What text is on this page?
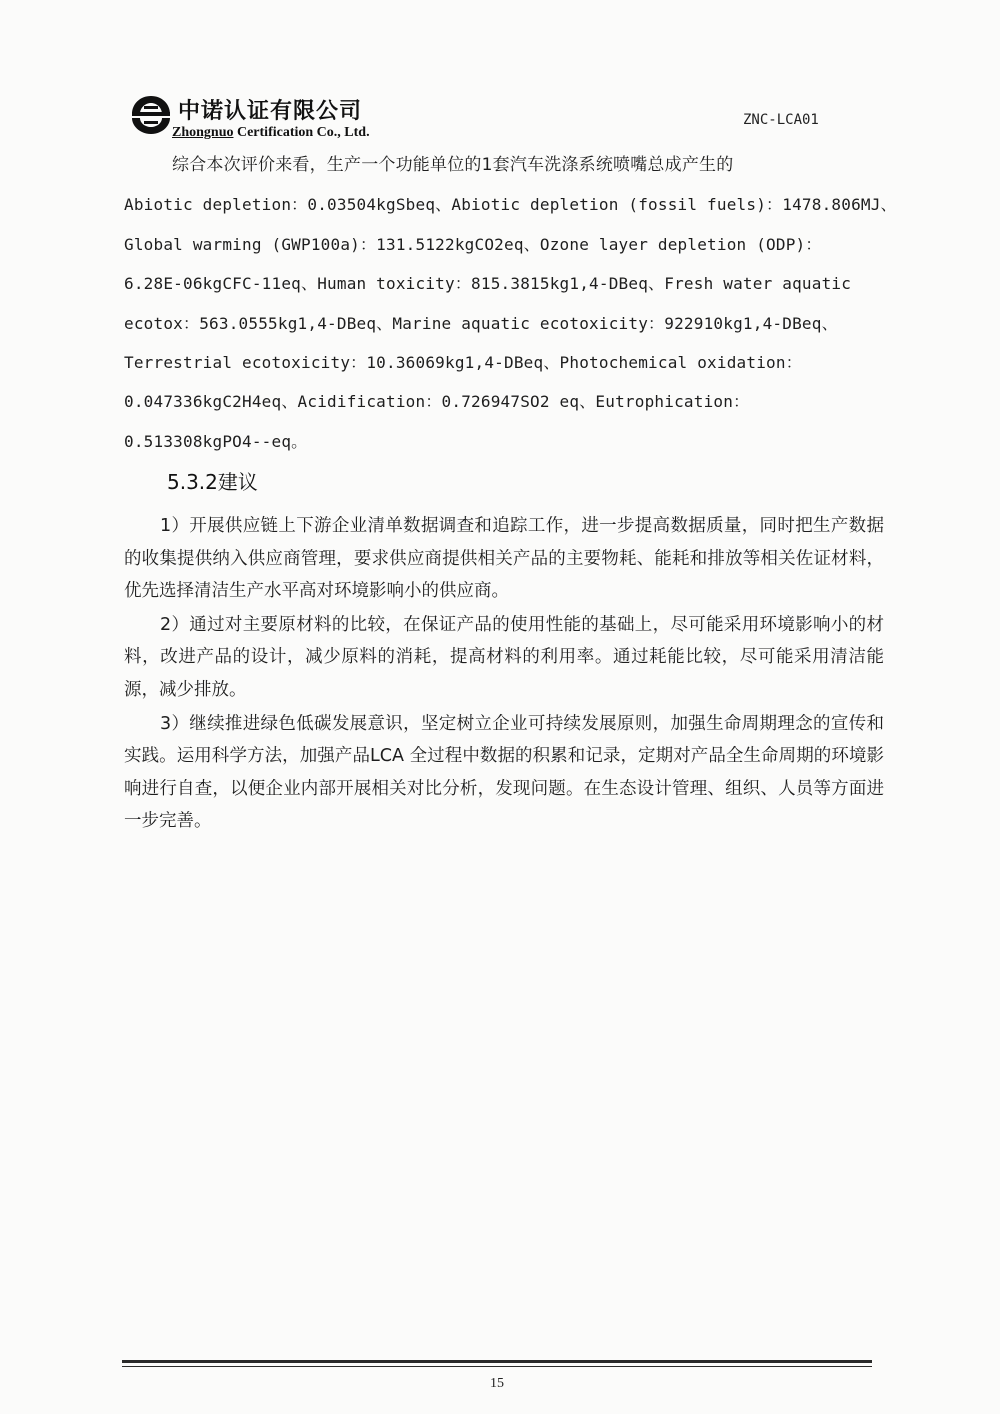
中诺认证有限公司
Zhongnuo Certification Co., Ltd.
ZNC-LCA01
综合本次评价来看，生产一个功能单位的1套汽车洗涤系统喷嘴总成产生的
Abiotic depletion：0.03504kgSbeq、Abiotic depletion (fossil fuels)：1478.806MJ、
Global warming (GWP100a)：131.5122kgCO2eq、Ozone layer depletion (ODP)：
6.28E-06kgCFC-11eq、Human toxicity：815.3815kg1,4-DBeq、Fresh water aquatic
ecotox：563.0555kg1,4-DBeq、Marine aquatic ecotoxicity：922910kg1,4-DBeq、
Terrestrial ecotoxicity：10.36069kg1,4-DBeq、Photochemical oxidation：
0.047336kgC2H4eq、Acidification：0.726947SO2 eq、Eutrophication：
0.513308kgPO4--eq。
5.3.2建议

1）开展供应链上下游企业清单数据调查和追踪工作，进一步提高数据质量，同时把生产数据的收集提供纳入供应商管理，要求供应商提供相关产品的主要物耗、能耗和排放等相关佐证材料，优先选择清洁生产水平高对环境影响小的供应商。

2）通过对主要原材料的比较，在保证产品的使用性能的基础上，尽可能采用环境影响小的材料，改进产品的设计，减少原料的消耗，提高材料的利用率。通过耗能比较，尽可能采用清洁能源，减少排放。

3）继续推进绿色低碳发展意识，坚定树立企业可持续发展原则，加强生命周期理念的宣传和实践。运用科学方法，加强产品LCA 全过程中数据的积累和记录，定期对产品全生命周期的环境影响进行自查，以便企业内部开展相关对比分析，发现问题。在生态设计管理、组织、人员等方面进一步完善。

15
